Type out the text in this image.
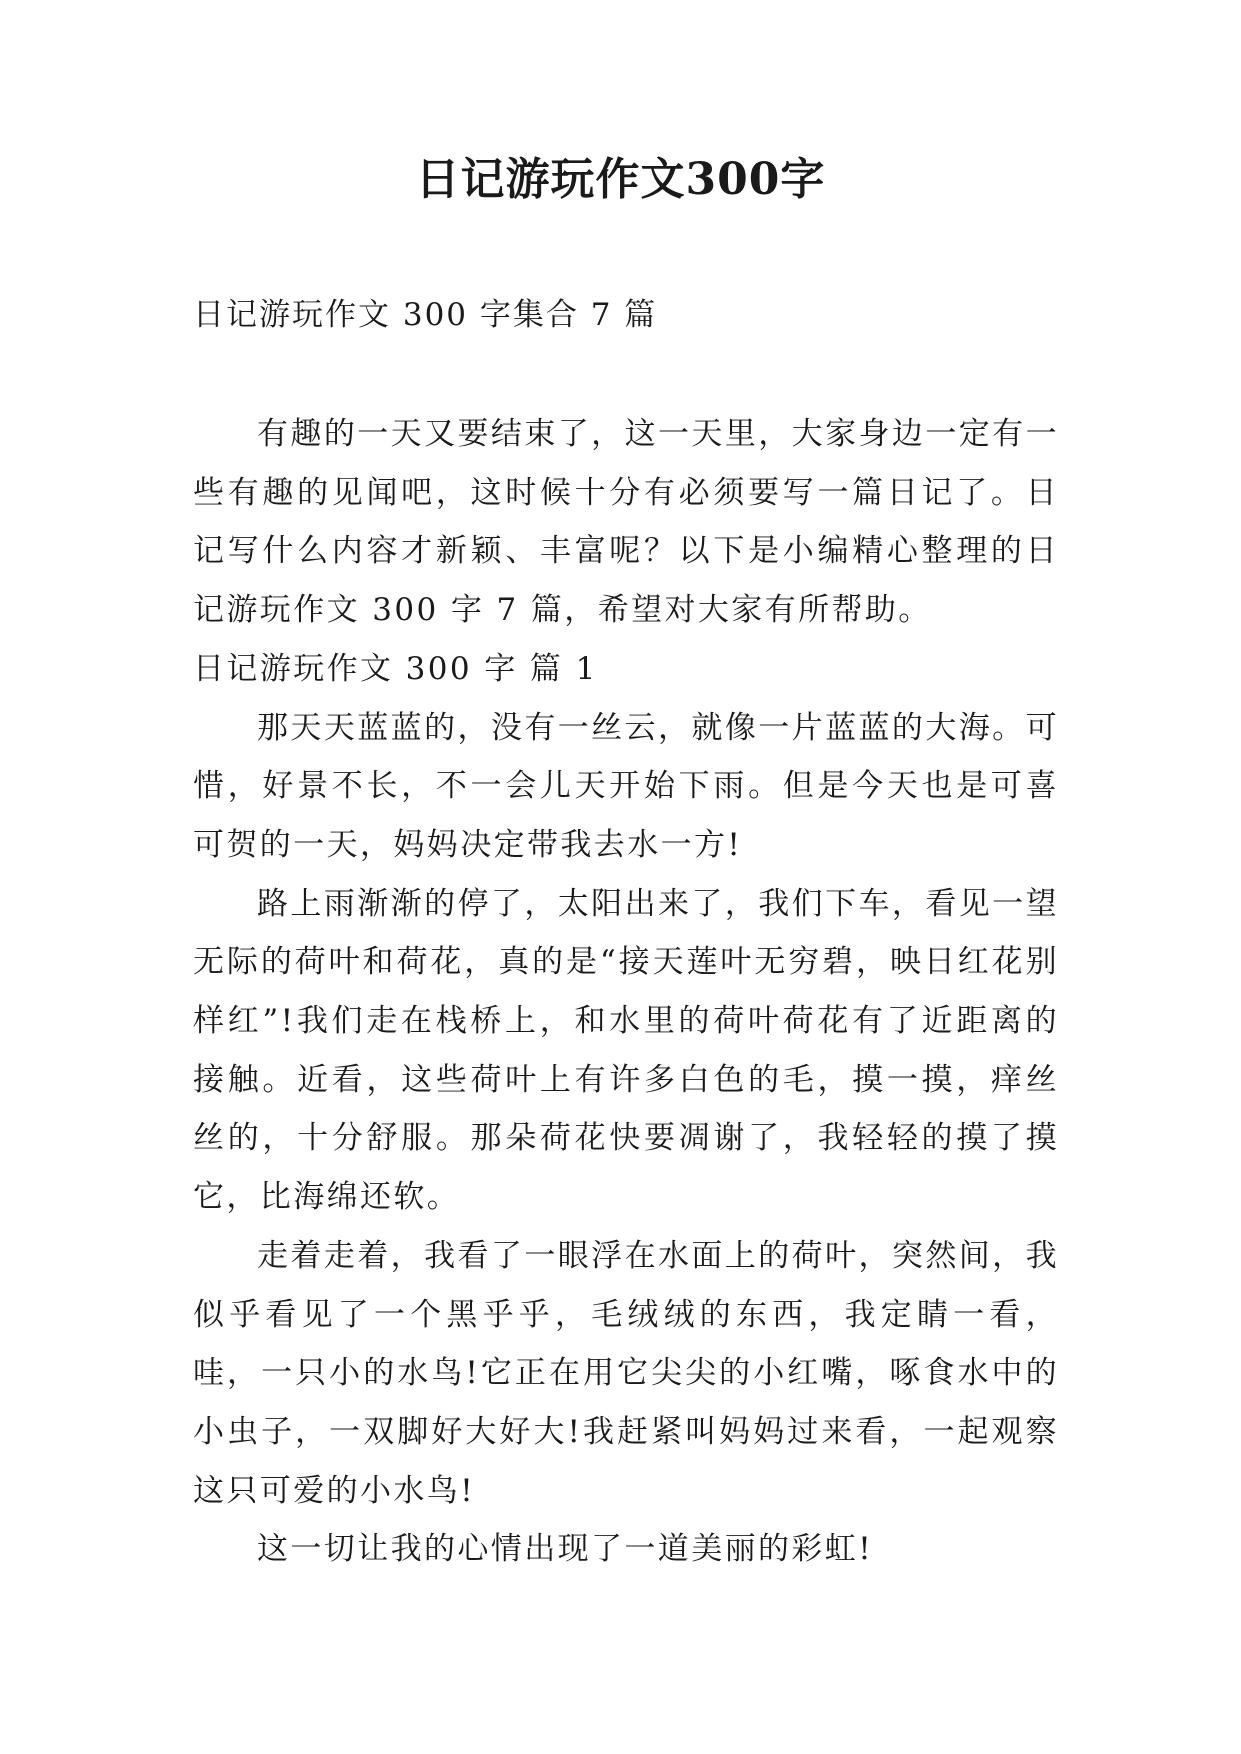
日记游玩作文300字

日记游玩作文 300 字集合 7 篇

有趣的一天又要结束了，这一天里，大家身边一定有一些有趣的见闻吧，这时候十分有必须要写一篇日记了。日记写什么内容才新颖、丰富呢？以下是小编精心整理的日记游玩作文 300 字 7 篇，希望对大家有所帮助。

日记游玩作文 300 字 篇 1

那天天蓝蓝的，没有一丝云，就像一片蓝蓝的大海。可惜，好景不长，不一会儿天开始下雨。但是今天也是可喜可贺的一天，妈妈决定带我去水一方!

路上雨渐渐的停了，太阳出来了，我们下车，看见一望无际的荷叶和荷花，真的是“接天莲叶无穷碧，映日红花别样红”!我们走在栈桥上，和水里的荷叶荷花有了近距离的接触。近看，这些荷叶上有许多白色的毛，摸一摸，痒丝丝的，十分舒服。那朵荷花快要凋谢了，我轻轻的摸了摸它，比海绵还软。

走着走着，我看了一眼浮在水面上的荷叶，突然间，我似乎看见了一个黑乎乎，毛绒绒的东西，我定睛一看，哇，一只小的水鸟!它正在用它尖尖的小红嘴，啄食水中的小虫子，一双脚好大好大!我赶紧叫妈妈过来看，一起观察这只可爱的小水鸟!

这一切让我的心情出现了一道美丽的彩虹!
